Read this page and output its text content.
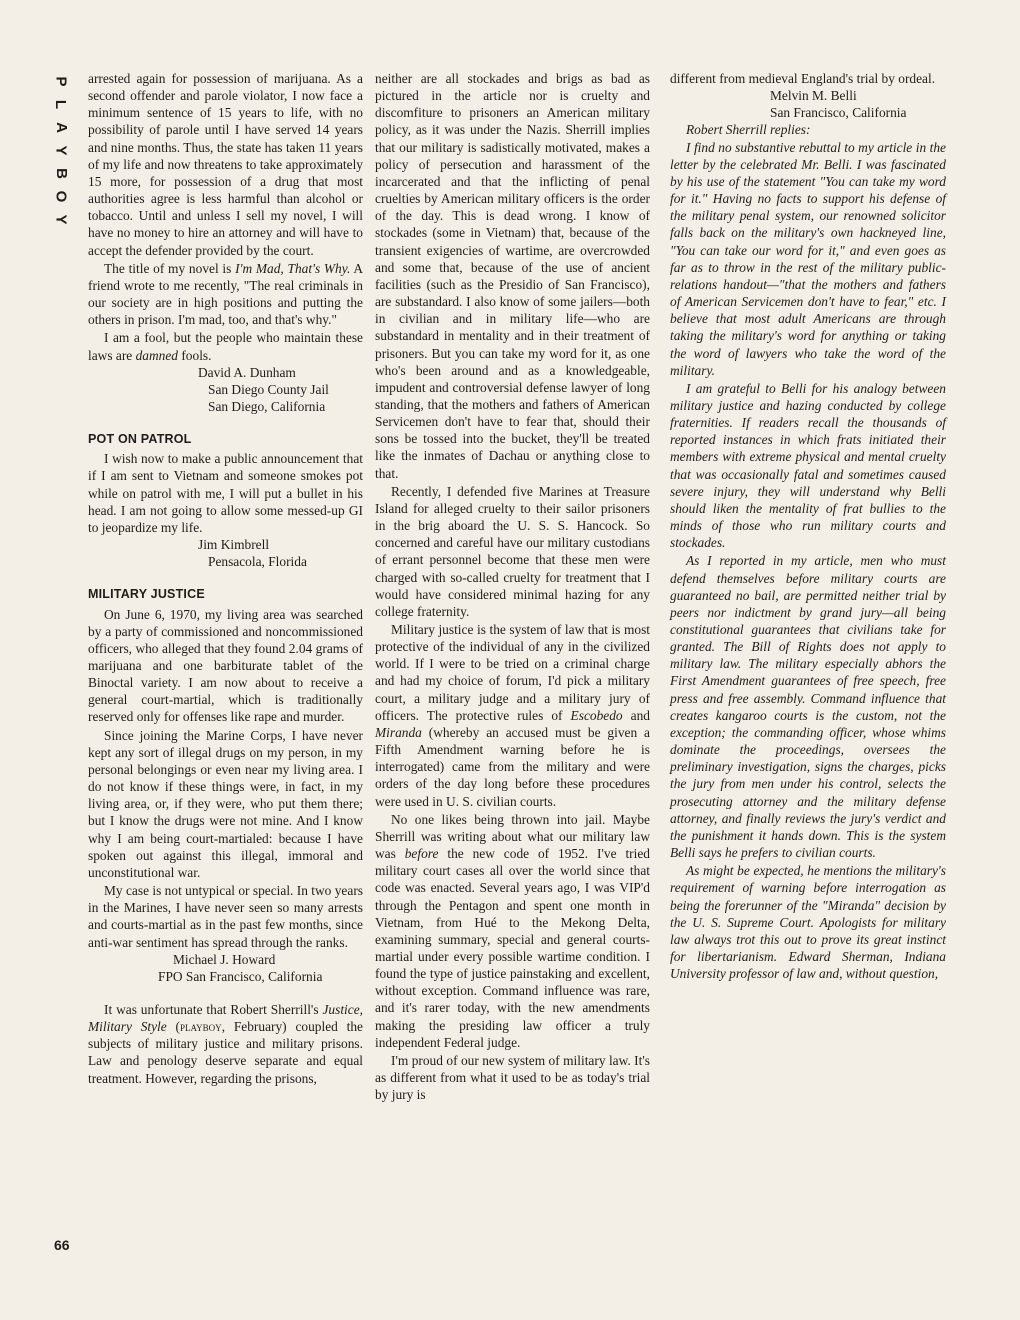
P
L
A
Y
B
O
Y

arrested again for possession of marijuana. As a second offender and parole violator, I now face a minimum sentence of 15 years to life, with no possibility of parole until I have served 14 years and nine months. Thus, the state has taken 11 years of my life and now threatens to take approximately 15 more, for possession of a drug that most authorities agree is less harmful than alcohol or tobacco. Until and unless I sell my novel, I will have no money to hire an attorney and will have to accept the defender provided by the court.

The title of my novel is I'm Mad, That's Why. A friend wrote to me recently, "The real criminals in our society are in high positions and putting the others in prison. I'm mad, too, and that's why."

I am a fool, but the people who maintain these laws are damned fools.

David A. Dunham
San Diego County Jail
San Diego, California
POT ON PATROL

I wish now to make a public announcement that if I am sent to Vietnam and someone smokes pot while on patrol with me, I will put a bullet in his head. I am not going to allow some messed-up GI to jeopardize my life.

Jim Kimbrell
Pensacola, Florida
MILITARY JUSTICE

On June 6, 1970, my living area was searched by a party of commissioned and noncommissioned officers, who alleged that they found 2.04 grams of marijuana and one barbiturate tablet of the Binoctal variety. I am now about to receive a general court-martial, which is traditionally reserved only for offenses like rape and murder.

Since joining the Marine Corps, I have never kept any sort of illegal drugs on my person, in my personal belongings or even near my living area. I do not know if these things were, in fact, in my living area, or, if they were, who put them there; but I know the drugs were not mine. And I know why I am being court-martialed: because I have spoken out against this illegal, immoral and unconstitutional war.

My case is not untypical or special. In two years in the Marines, I have never seen so many arrests and courts-martial as in the past few months, since anti-war sentiment has spread through the ranks.

Michael J. Howard
FPO San Francisco, California

It was unfortunate that Robert Sherrill's Justice, Military Style (playboy, February) coupled the subjects of military justice and military prisons. Law and penology deserve separate and equal treatment. However, regarding the prisons,

neither are all stockades and brigs as bad as pictured in the article nor is cruelty and discomfiture to prisoners an American military policy, as it was under the Nazis. Sherrill implies that our military is sadistically motivated, makes a policy of persecution and harassment of the incarcerated and that the inflicting of penal cruelties by American military officers is the order of the day. This is dead wrong. I know of stockades (some in Vietnam) that, because of the transient exigencies of wartime, are overcrowded and some that, because of the use of ancient facilities (such as the Presidio of San Francisco), are substandard. I also know of some jailers—both in civilian and in military life—who are substandard in mentality and in their treatment of prisoners. But you can take my word for it, as one who's been around and as a knowledgeable, impudent and controversial defense lawyer of long standing, that the mothers and fathers of American Servicemen don't have to fear that, should their sons be tossed into the bucket, they'll be treated like the inmates of Dachau or anything close to that.

Recently, I defended five Marines at Treasure Island for alleged cruelty to their sailor prisoners in the brig aboard the U. S. S. Hancock. So concerned and careful have our military custodians of errant personnel become that these men were charged with so-called cruelty for treatment that I would have considered minimal hazing for any college fraternity.

Military justice is the system of law that is most protective of the individual of any in the civilized world. If I were to be tried on a criminal charge and had my choice of forum, I'd pick a military court, a military judge and a military jury of officers. The protective rules of Escobedo and Miranda (whereby an accused must be given a Fifth Amendment warning before he is interrogated) came from the military and were orders of the day long before these procedures were used in U. S. civilian courts.

No one likes being thrown into jail. Maybe Sherrill was writing about what our military law was before the new code of 1952. I've tried military court cases all over the world since that code was enacted. Several years ago, I was VIP'd through the Pentagon and spent one month in Vietnam, from Hué to the Mekong Delta, examining summary, special and general courts-martial under every possible wartime condition. I found the type of justice painstaking and excellent, without exception. Command influence was rare, and it's rarer today, with the new amendments making the presiding law officer a truly independent Federal judge.

I'm proud of our new system of military law. It's as different from what it used to be as today's trial by jury is

different from medieval England's trial by ordeal.

Melvin M. Belli
San Francisco, California

Robert Sherrill replies:

I find no substantive rebuttal to my article in the letter by the celebrated Mr. Belli. I was fascinated by his use of the statement "You can take my word for it." Having no facts to support his defense of the military penal system, our renowned solicitor falls back on the military's own hackneyed line, "You can take our word for it," and even goes as far as to throw in the rest of the military public-relations handout—"that the mothers and fathers of American Servicemen don't have to fear," etc. I believe that most adult Americans are through taking the military's word for anything or taking the word of lawyers who take the word of the military.

I am grateful to Belli for his analogy between military justice and hazing conducted by college fraternities. If readers recall the thousands of reported instances in which frats initiated their members with extreme physical and mental cruelty that was occasionally fatal and sometimes caused severe injury, they will understand why Belli should liken the mentality of frat bullies to the minds of those who run military courts and stockades.

As I reported in my article, men who must defend themselves before military courts are guaranteed no bail, are permitted neither trial by peers nor indictment by grand jury—all being constitutional guarantees that civilians take for granted. The Bill of Rights does not apply to military law. The military especially abhors the First Amendment guarantees of free speech, free press and free assembly. Command influence that creates kangaroo courts is the custom, not the exception; the commanding officer, whose whims dominate the proceedings, oversees the preliminary investigation, signs the charges, picks the jury from men under his control, selects the prosecuting attorney and the military defense attorney, and finally reviews the jury's verdict and the punishment it hands down. This is the system Belli says he prefers to civilian courts.

As might be expected, he mentions the military's requirement of warning before interrogation as being the forerunner of the "Miranda" decision by the U. S. Supreme Court. Apologists for military law always trot this out to prove its great instinct for libertarianism. Edward Sherman, Indiana University professor of law and, without question,

66
